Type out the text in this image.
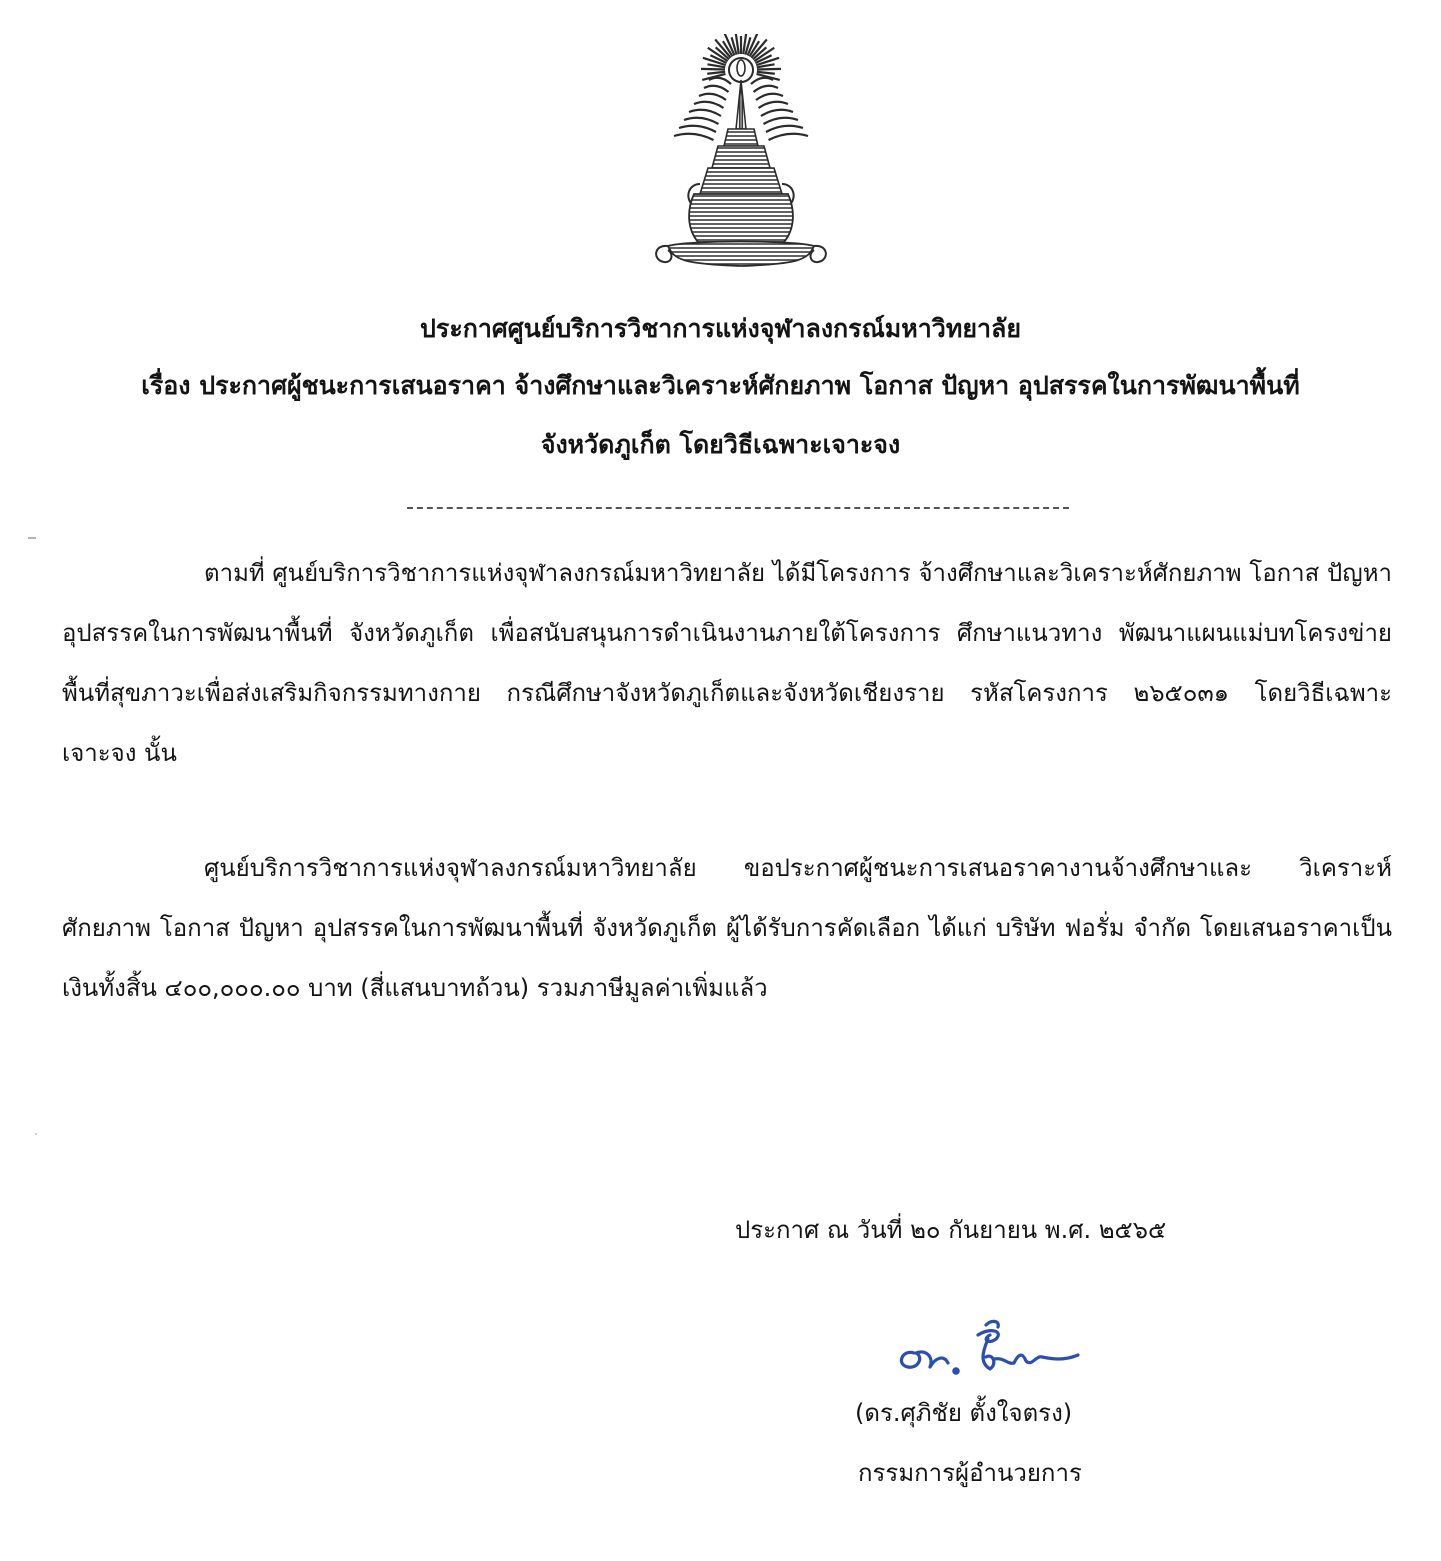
ประกาศศูนย์บริการวิชาการแห่งจุฬาลงกรณ์มหาวิทยาลัย
เรื่อง ประกาศผู้ชนะการเสนอราคา จ้างศึกษาและวิเคราะห์ศักยภาพ โอกาส ปัญหา อุปสรรคในการพัฒนาพื้นที่
จังหวัดภูเก็ต โดยวิธีเฉพาะเจาะจง
ตามที่ ศูนย์บริการวิชาการแห่งจุฬาลงกรณ์มหาวิทยาลัย ได้มีโครงการ จ้างศึกษาและวิเคราะห์ศักยภาพ โอกาส ปัญหา อุปสรรคในการพัฒนาพื้นที่ จังหวัดภูเก็ต เพื่อสนับสนุนการดำเนินงานภายใต้โครงการ ศึกษาแนวทาง พัฒนาแผนแม่บทโครงข่ายพื้นที่สุขภาวะเพื่อส่งเสริมกิจกรรมทางกาย กรณีศึกษาจังหวัดภูเก็ตและจังหวัดเชียงราย รหัสโครงการ ๒๖๕๐๓๑ โดยวิธีเฉพาะเจาะจง นั้น
ศูนย์บริการวิชาการแห่งจุฬาลงกรณ์มหาวิทยาลัย ขอประกาศผู้ชนะการเสนอราคางานจ้างศึกษาและ วิเคราะห์ศักยภาพ โอกาส ปัญหา อุปสรรคในการพัฒนาพื้นที่ จังหวัดภูเก็ต ผู้ได้รับการคัดเลือก ได้แก่ บริษัท ฟอรั่ม จำกัด โดยเสนอราคาเป็นเงินทั้งสิ้น ๔๐๐,๐๐๐.๐๐ บาท (สี่แสนบาทถ้วน) รวมภาษีมูลค่าเพิ่มแล้ว
ประกาศ ณ วันที่ ๒๐ กันยายน พ.ศ. ๒๕๖๕
(ดร.ศุภิชัย ตั้งใจตรง)
กรรมการผู้อำนวยการ
